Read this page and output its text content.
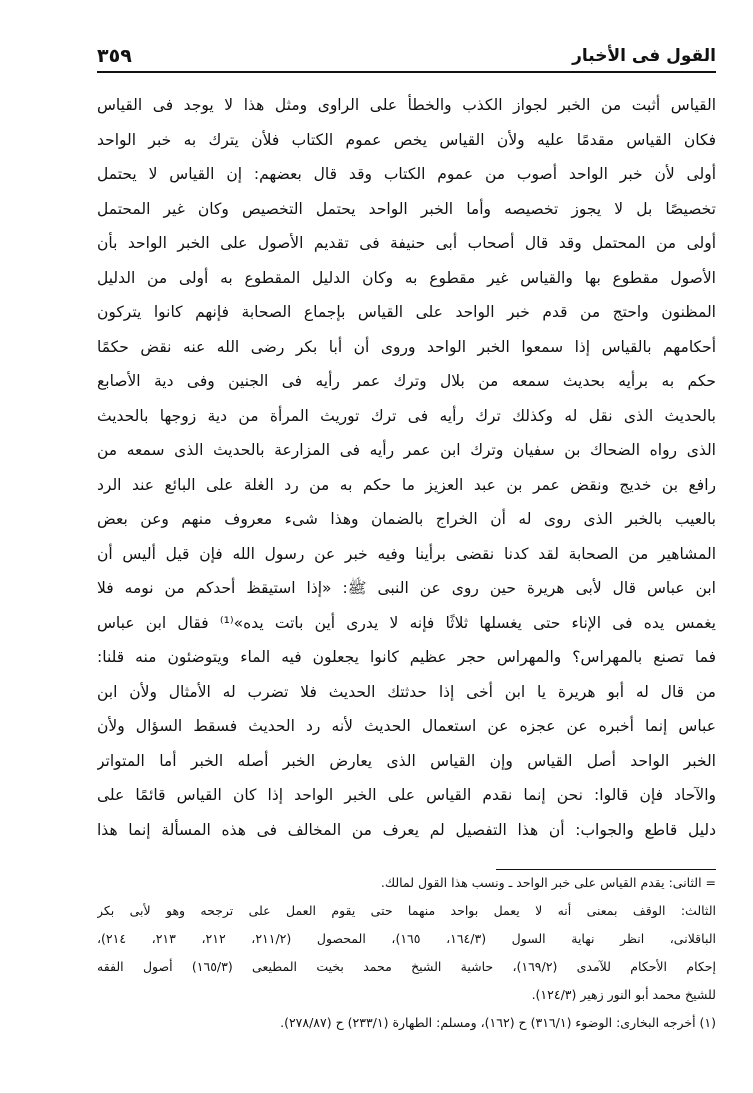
القول فى الأخبار
٣٥٩
القياس أثبت من الخبر لجواز الكذب والخطأ على الراوى ومثل هذا لا يوجد فى القياس
فكان القياس مقدمًا عليه ولأن القياس يخص عموم الكتاب فلأن يترك به خبر الواحد
أولى لأن خبر الواحد أصوب من عموم الكتاب وقد قال بعضهم: إن القياس لا يحتمل
تخصيصًا بل لا يجوز تخصيصه وأما الخبر الواحد يحتمل التخصيص وكان غير المحتمل
أولى من المحتمل وقد قال أصحاب أبى حنيفة فى تقديم الأصول على الخبر الواحد بأن
الأصول مقطوع بها والقياس غير مقطوع به وكان الدليل المقطوع به أولى من الدليل
المظنون واحتج من قدم خبر الواحد على القياس بإجماع الصحابة فإنهم كانوا يتركون
أحكامهم بالقياس إذا سمعوا الخبر الواحد وروى أن أبا بكر رضى الله عنه نقض حكمًا
حكم به برأيه بحديث سمعه من بلال وترك عمر رأيه فى الجنين وفى دية الأصابع
بالحديث الذى نقل له وكذلك ترك رأيه فى ترك توريث المرأة من دية زوجها بالحديث
الذى رواه الضحاك بن سفيان وترك ابن عمر رأيه فى المزارعة بالحديث الذى سمعه من
رافع بن خديج ونقض عمر بن عبد العزيز ما حكم به من رد الغلة على البائع عند الرد
بالعيب بالخبر الذى روى له أن الخراج بالضمان وهذا شىء معروف منهم وعن بعض
المشاهير من الصحابة لقد كدنا نقضى برأينا وفيه خبر عن رسول الله فإن قيل أليس أن
ابن عباس قال لأبى هريرة حين روى عن النبى ﷺ: «إذا استيقظ أحدكم من نومه فلا
يغمس يده فى الإناء حتى يغسلها ثلاثًا فإنه لا يدرى أين باتت يده»⁽¹⁾ فقال ابن عباس
فما تصنع بالمهراس؟ والمهراس حجر عظيم كانوا يجعلون فيه الماء ويتوضئون منه قلنا:
من قال له أبو هريرة يا ابن أخى إذا حدثتك الحديث فلا تضرب له الأمثال ولأن ابن
عباس إنما أخبره عن عجزه عن استعمال الحديث لأنه رد الحديث فسقط السؤال ولأن
الخبر الواحد أصل القياس وإن القياس الذى يعارض الخبر أصله الخبر أما المتواتر
والآحاد فإن قالوا: نحن إنما نقدم القياس على الخبر الواحد إذا كان القياس قائمًا على
دليل قاطع والجواب: أن هذا التفصيل لم يعرف من المخالف فى هذه المسألة إنما هذا
= الثانى: يقدم القياس على خبر الواحد ـ ونسب هذا القول لمالك.
الثالث: الوقف بمعنى أنه لا يعمل بواحد منهما حتى يقوم العمل على ترجحه وهو لأبى بكر
الباقلانى، انظر نهاية السول (١٦٤/٣، ١٦٥)، المحصول (٢١١/٢، ٢١٢، ٢١٣، ٢١٤)،
إحكام الأحكام للآمدى (١٦٩/٢)، حاشية الشيخ محمد بخيت المطيعى (١٦٥/٣) أصول الفقه
للشيخ محمد أبو النور زهير (١٢٤/٣).
(١) أخرجه البخارى: الوضوء (٣١٦/١) ح (١٦٢)، ومسلم: الطهارة (٢٣٣/١) ح (٢٧٨/٨٧).
